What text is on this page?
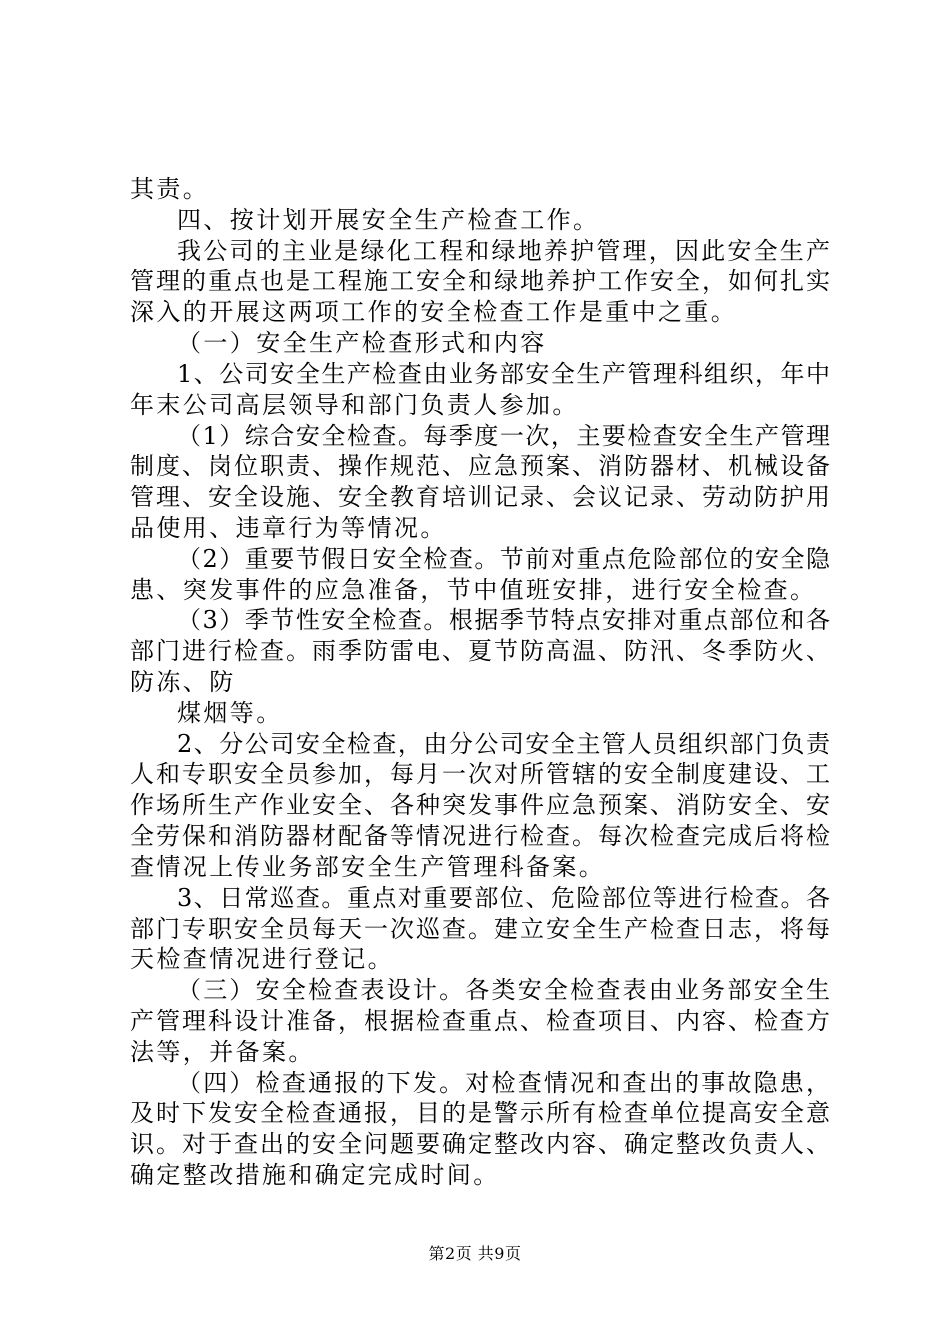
其责。
四、按计划开展安全生产检查工作。
我公司的主业是绿化工程和绿地养护管理，因此安全生产
管理的重点也是工程施工安全和绿地养护工作安全，如何扎实
深入的开展这两项工作的安全检查工作是重中之重。
（一）安全生产检查形式和内容
1、公司安全生产检查由业务部安全生产管理科组织，年中
年末公司高层领导和部门负责人参加。
（1）综合安全检查。每季度一次，主要检查安全生产管理
制度、岗位职责、操作规范、应急预案、消防器材、机械设备
管理、安全设施、安全教育培训记录、会议记录、劳动防护用
品使用、违章行为等情况。
（2）重要节假日安全检查。节前对重点危险部位的安全隐
患、突发事件的应急准备，节中值班安排，进行安全检查。
（3）季节性安全检查。根据季节特点安排对重点部位和各
部门进行检查。雨季防雷电、夏节防高温、防汛、冬季防火、
防冻、防
煤烟等。
2、分公司安全检查，由分公司安全主管人员组织部门负责
人和专职安全员参加，每月一次对所管辖的安全制度建设、工
作场所生产作业安全、各种突发事件应急预案、消防安全、安
全劳保和消防器材配备等情况进行检查。每次检查完成后将检
查情况上传业务部安全生产管理科备案。
3、日常巡查。重点对重要部位、危险部位等进行检查。各
部门专职安全员每天一次巡查。建立安全生产检查日志，将每
天检查情况进行登记。
（三）安全检查表设计。各类安全检查表由业务部安全生
产管理科设计准备，根据检查重点、检查项目、内容、检查方
法等，并备案。
（四）检查通报的下发。对检查情况和查出的事故隐患，
及时下发安全检查通报，目的是警示所有检查单位提高安全意
识。对于查出的安全问题要确定整改内容、确定整改负责人、
确定整改措施和确定完成时间。
第2页 共9页
